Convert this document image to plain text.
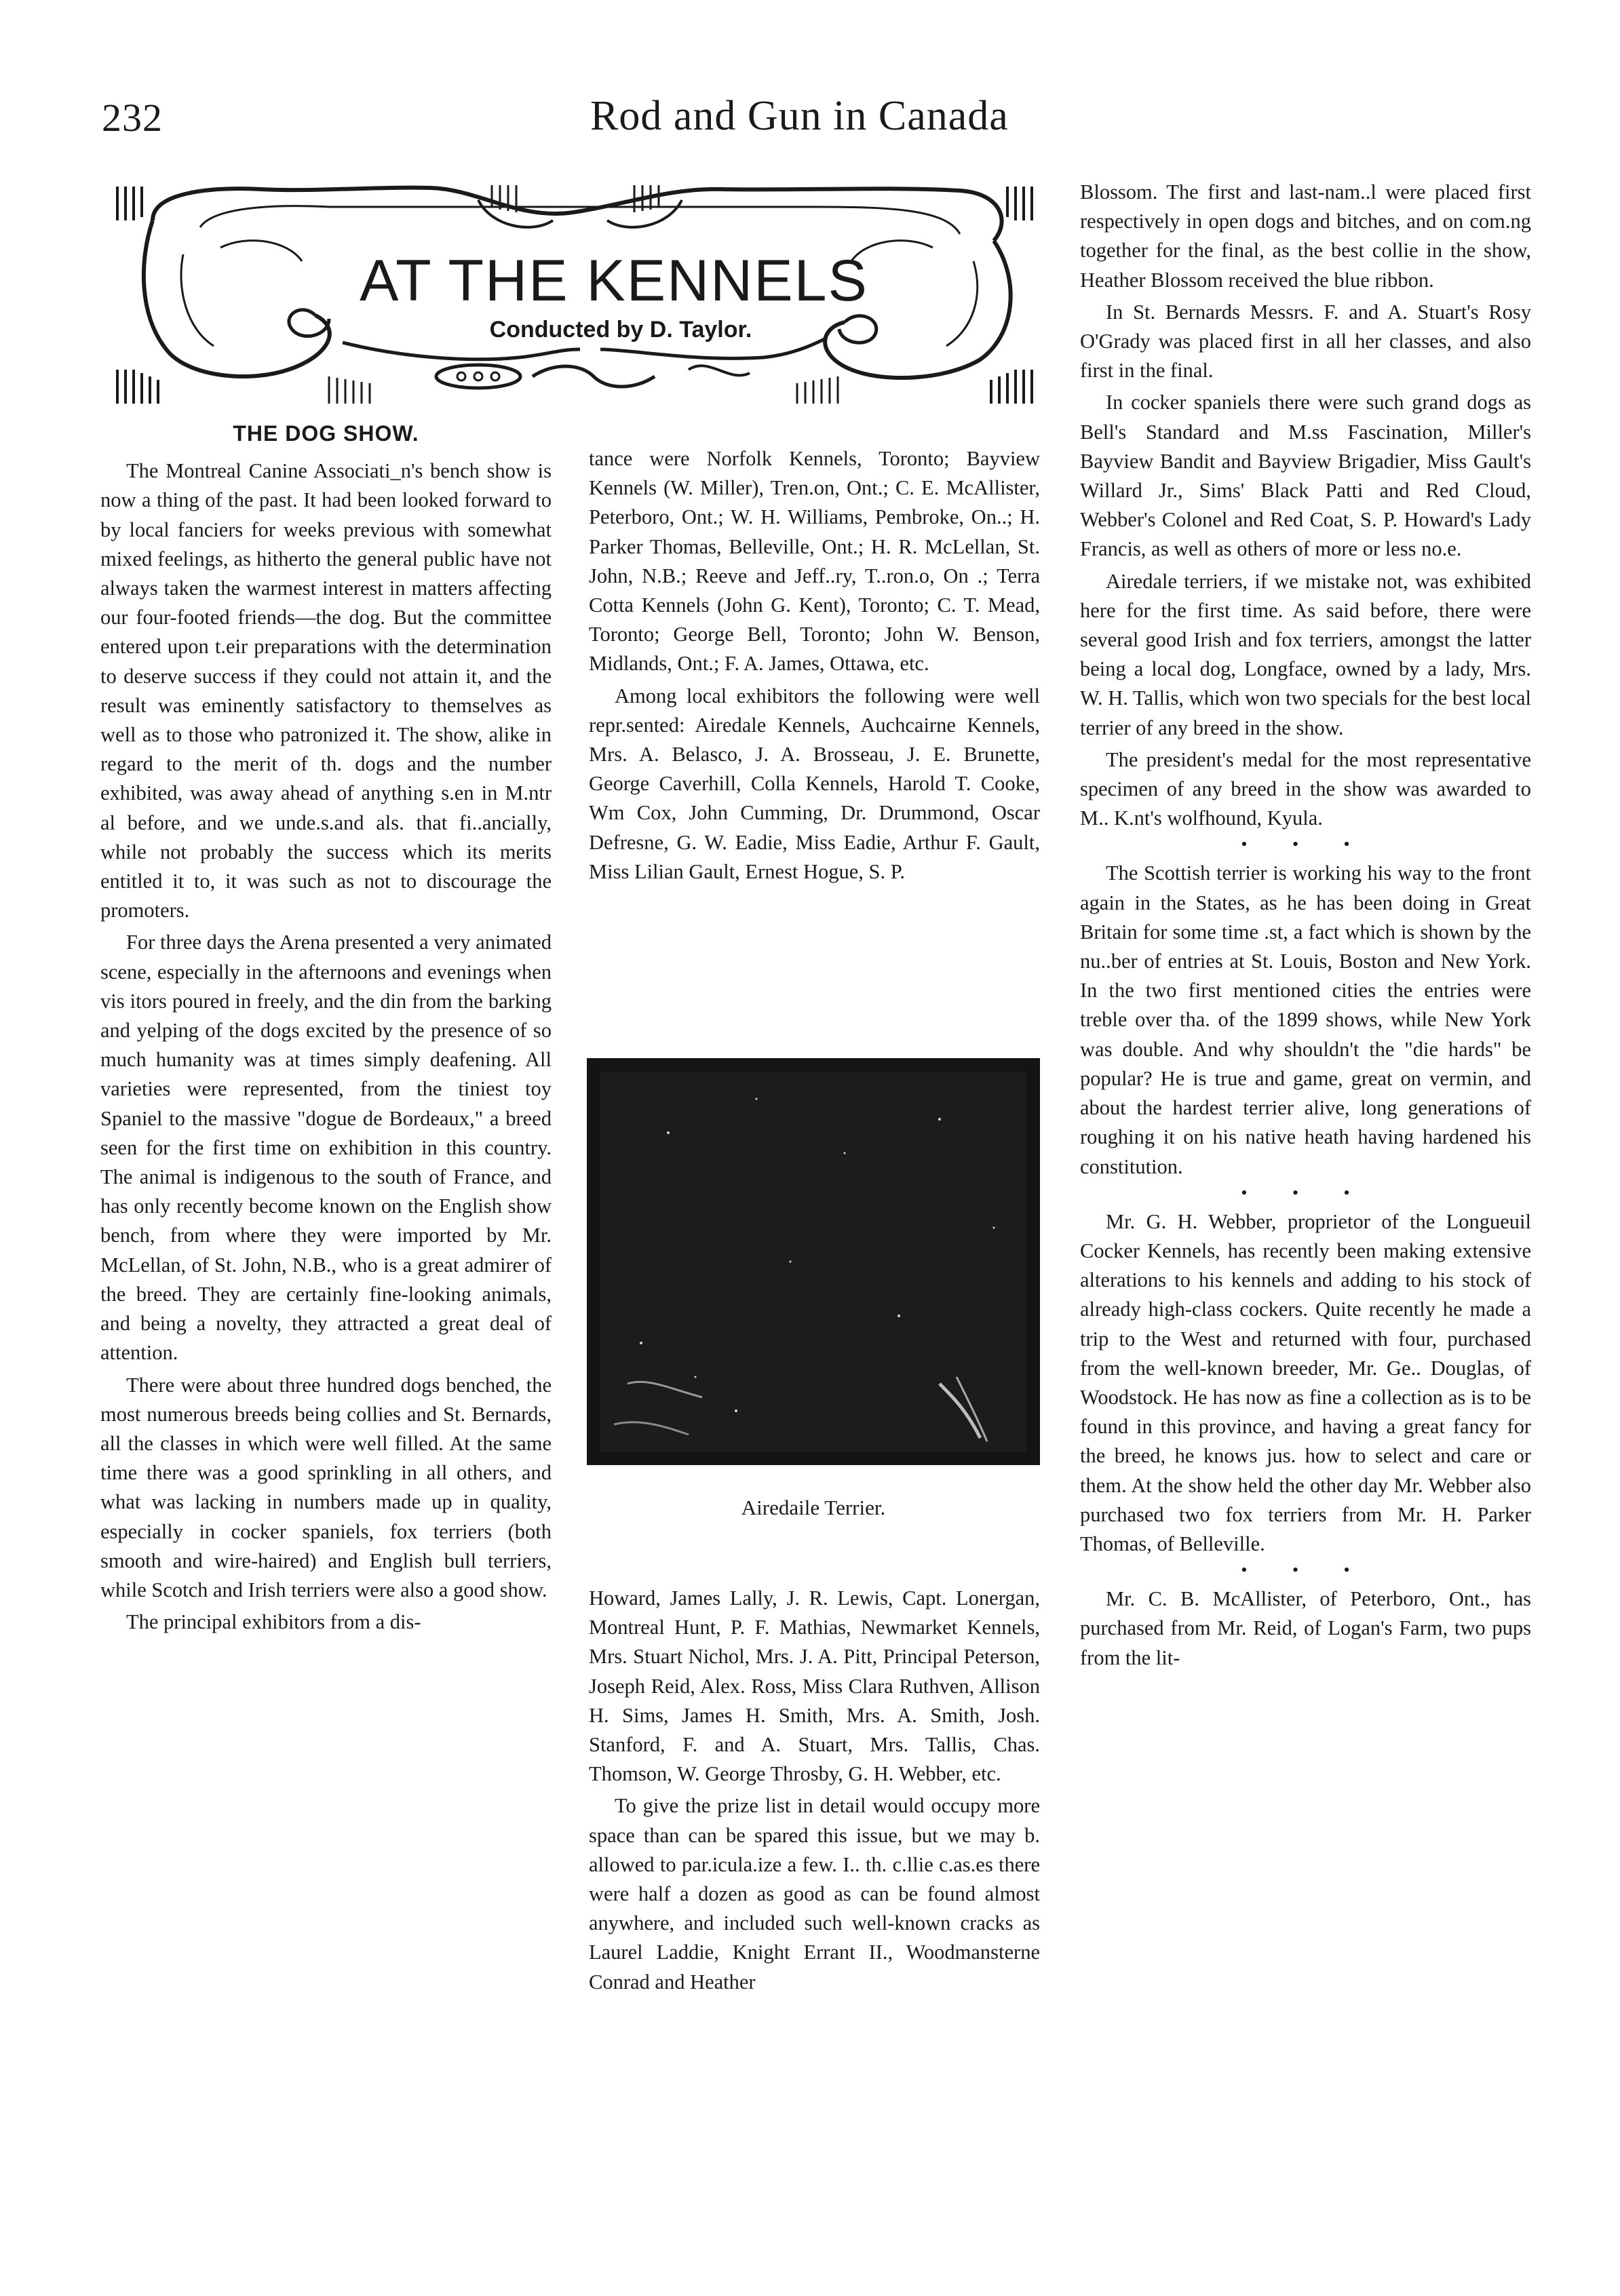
232	Rod and Gun in Canada
AT THE KENNELS
Conducted by D. Taylor.
THE DOG SHOW.

The Montreal Canine Associati_n's bench show is now a thing of the past. It had been looked forward to by local fanciers for weeks previous with somewhat mixed feelings, as hitherto the general public have not always taken the warmest interest in matters affecting our four-footed friends—the dog. But the committee entered upon t.eir preparations with the determination to deserve success if they could not attain it, and the result was eminently satisfactory to themselves as well as to those who patronized it. The show, alike in regard to the merit of th. dogs and the number exhibited, was away ahead of anything s.en in M.ntr al before, and we unde.s.and als. that fi..ancially, while not probably the success which its merits entitled it to, it was such as not to discourage the promoters.

For three days the Arena presented a very animated scene, especially in the afternoons and evenings when vis itors poured in freely, and the din from the barking and yelping of the dogs excited by the presence of so much humanity was at times simply deafening. All varieties were represented, from the tiniest toy Spaniel to the massive "dogue de Bordeaux," a breed seen for the first time on exhibition in this country. The animal is indigenous to the south of France, and has only recently become known on the English show bench, from where they were imported by Mr. McLellan, of St. John, N.B., who is a great admirer of the breed. They are certainly fine-looking animals, and being a novelty, they attracted a great deal of attention.

There were about three hundred dogs benched, the most numerous breeds being collies and St. Bernards, all the classes in which were well filled. At the same time there was a good sprinkling in all others, and what was lacking in numbers made up in quality, especially in cocker spaniels, fox terriers (both smooth and wire-haired) and English bull terriers, while Scotch and Irish terriers were also a good show.

The principal exhibitors from a dis-

tance were Norfolk Kennels, Toronto; Bayview Kennels (W. Miller), Tren.on, Ont.; C. E. McAllister, Peterboro, Ont.; W. H. Williams, Pembroke, On..; H. Parker Thomas, Belleville, Ont.; H. R. McLellan, St. John, N.B.; Reeve and Jeff..ry, T..ron.o, On .; Terra Cotta Kennels (John G. Kent), Toronto; C. T. Mead, Toronto; George Bell, Toronto; John W. Benson, Midlands, Ont.; F. A. James, Ottawa, etc.

Among local exhibitors the following were well repr.sented: Airedale Kennels, Auchcairne Kennels, Mrs. A. Belasco, J. A. Brosseau, J. E. Brunette, George Caverhill, Colla Kennels, Harold T. Cooke, Wm Cox, John Cumming, Dr. Drummond, Oscar Defresne, G. W. Eadie, Miss Eadie, Arthur F. Gault, Miss Lilian Gault, Ernest Hogue, S. P.

Airedaile Terrier.

Howard, James Lally, J. R. Lewis, Capt. Lonergan, Montreal Hunt, P. F. Mathias, Newmarket Kennels, Mrs. Stuart Nichol, Mrs. J. A. Pitt, Principal Peterson, Joseph Reid, Alex. Ross, Miss Clara Ruthven, Allison H. Sims, James H. Smith, Mrs. A. Smith, Josh. Stanford, F. and A. Stuart, Mrs. Tallis, Chas. Thomson, W. George Throsby, G. H. Webber, etc.

To give the prize list in detail would occupy more space than can be spared this issue, but we may b. allowed to par.icula.ize a few. I.. th. c.llie c.as.es there were half a dozen as good as can be found almost anywhere, and included such well-known cracks as Laurel Laddie, Knight Errant II., Woodmansterne Conrad and Heather

Blossom. The first and last-nam..l were placed first respectively in open dogs and bitches, and on com.ng together for the final, as the best collie in the show, Heather Blossom received the blue ribbon.

In St. Bernards Messrs. F. and A. Stuart's Rosy O'Grady was placed first in all her classes, and also first in the final.

In cocker spaniels there were such grand dogs as Bell's Standard and M.ss Fascination, Miller's Bayview Bandit and Bayview Brigadier, Miss Gault's Willard Jr., Sims' Black Patti and Red Cloud, Webber's Colonel and Red Coat, S. P. Howard's Lady Francis, as well as others of more or less no.e.

Airedale terriers, if we mistake not, was exhibited here for the first time. As said before, there were several good Irish and fox terriers, amongst the latter being a local dog, Longface, owned by a lady, Mrs. W. H. Tallis, which won two specials for the best local terrier of any breed in the show.

The president's medal for the most representative specimen of any breed in the show was awarded to M.. K.nt's wolfhound, Kyula.

• • •

The Scottish terrier is working his way to the front again in the States, as he has been doing in Great Britain for some time .st, a fact which is shown by the nu..ber of entries at St. Louis, Boston and New York. In the two first mentioned cities the entries were treble over tha. of the 1899 shows, while New York was double. And why shouldn't the "die hards" be popular? He is true and game, great on vermin, and about the hardest terrier alive, long generations of roughing it on his native heath having hardened his constitution.

• • •

Mr. G. H. Webber, proprietor of the Longueuil Cocker Kennels, has recently been making extensive alterations to his kennels and adding to his stock of already high-class cockers. Quite recently he made a trip to the West and returned with four, purchased from the well-known breeder, Mr. Ge.. Douglas, of Woodstock. He has now as fine a collection as is to be found in this province, and having a great fancy for the breed, he knows jus. how to select and care or them. At the show held the other day Mr. Webber also purchased two fox terriers from Mr. H. Parker Thomas, of Belleville.

• • •

Mr. C. B. McAllister, of Peterboro, Ont., has purchased from Mr. Reid, of Logan's Farm, two pups from the lit-
